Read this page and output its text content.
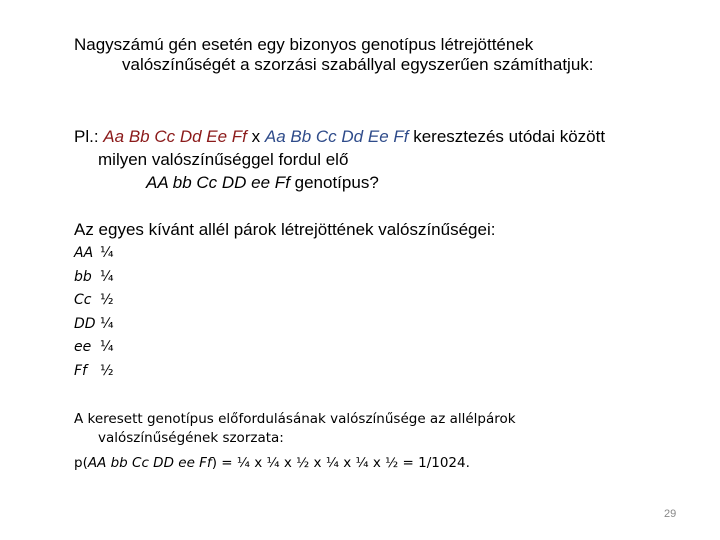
Nagyszámú gén esetén egy bizonyos genotípus létrejöttének
valószínűségét a szorzási szabállyal egyszerűen számíthatjuk:
Pl.: Aa Bb Cc Dd Ee Ff x Aa Bb Cc Dd Ee Ff keresztezés utódai között
milyen valószínűséggel fordul elő
AA bb Cc DD ee Ff genotípus?
Az egyes kívánt allél párok létrejöttének valószínűségei:
AA ¼
bb ¼
Cc ½
DD ¼
ee ¼
Ff ½
A keresett genotípus előfordulásának valószínűsége az allélpárok
valószínűségének szorzata:
p(AA bb Cc DD ee Ff) = ¼ x ¼ x ½ x ¼ x ¼ x ½ = 1/1024.
29
